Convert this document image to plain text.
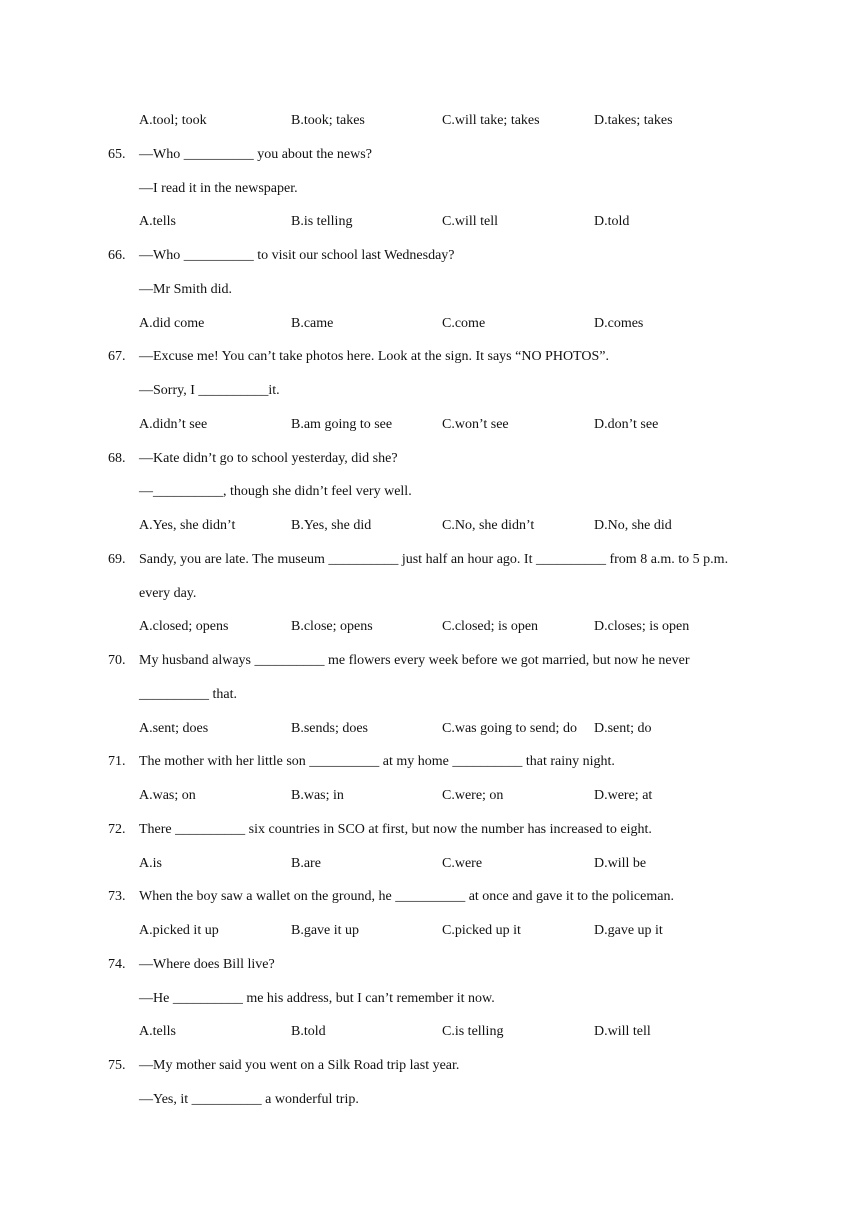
A.tool; took	B.took; takes	C.will take; takes	D.takes; takes
65. —Who __________ you about the news?
—I read it in the newspaper.
A.tells	B.is telling	C.will tell	D.told
66. —Who __________ to visit our school last Wednesday?
—Mr Smith did.
A.did come	B.came	C.come	D.comes
67. —Excuse me! You can’t take photos here. Look at the sign. It says “NO PHOTOS”.
—Sorry, I __________it.
A.didn’t see	B.am going to see	C.won’t see	D.don’t see
68. —Kate didn’t go to school yesterday, did she?
—__________, though she didn’t feel very well.
A.Yes, she didn’t	B.Yes, she did	C.No, she didn’t	D.No, she did
69. Sandy, you are late. The museum __________ just half an hour ago. It __________ from 8 a.m. to 5 p.m.
every day.
A.closed; opens	B.close; opens	C.closed; is open	D.closes; is open
70. My husband always __________ me flowers every week before we got married, but now he never
__________ that.
A.sent; does	B.sends; does	C.was going to send; do D.sent; do
71. The mother with her little son __________ at my home __________ that rainy night.
A.was; on	B.was; in	C.were; on	D.were; at
72. There __________ six countries in SCO at first, but now the number has increased to eight.
A.is	B.are	C.were	D.will be
73. When the boy saw a wallet on the ground, he __________ at once and gave it to the policeman.
A.picked it up	B.gave it up	C.picked up it	D.gave up it
74. —Where does Bill live?
—He __________ me his address, but I can’t remember it now.
A.tells	B.told	C.is telling	D.will tell
75. —My mother said you went on a Silk Road trip last year.
—Yes, it __________ a wonderful trip.
